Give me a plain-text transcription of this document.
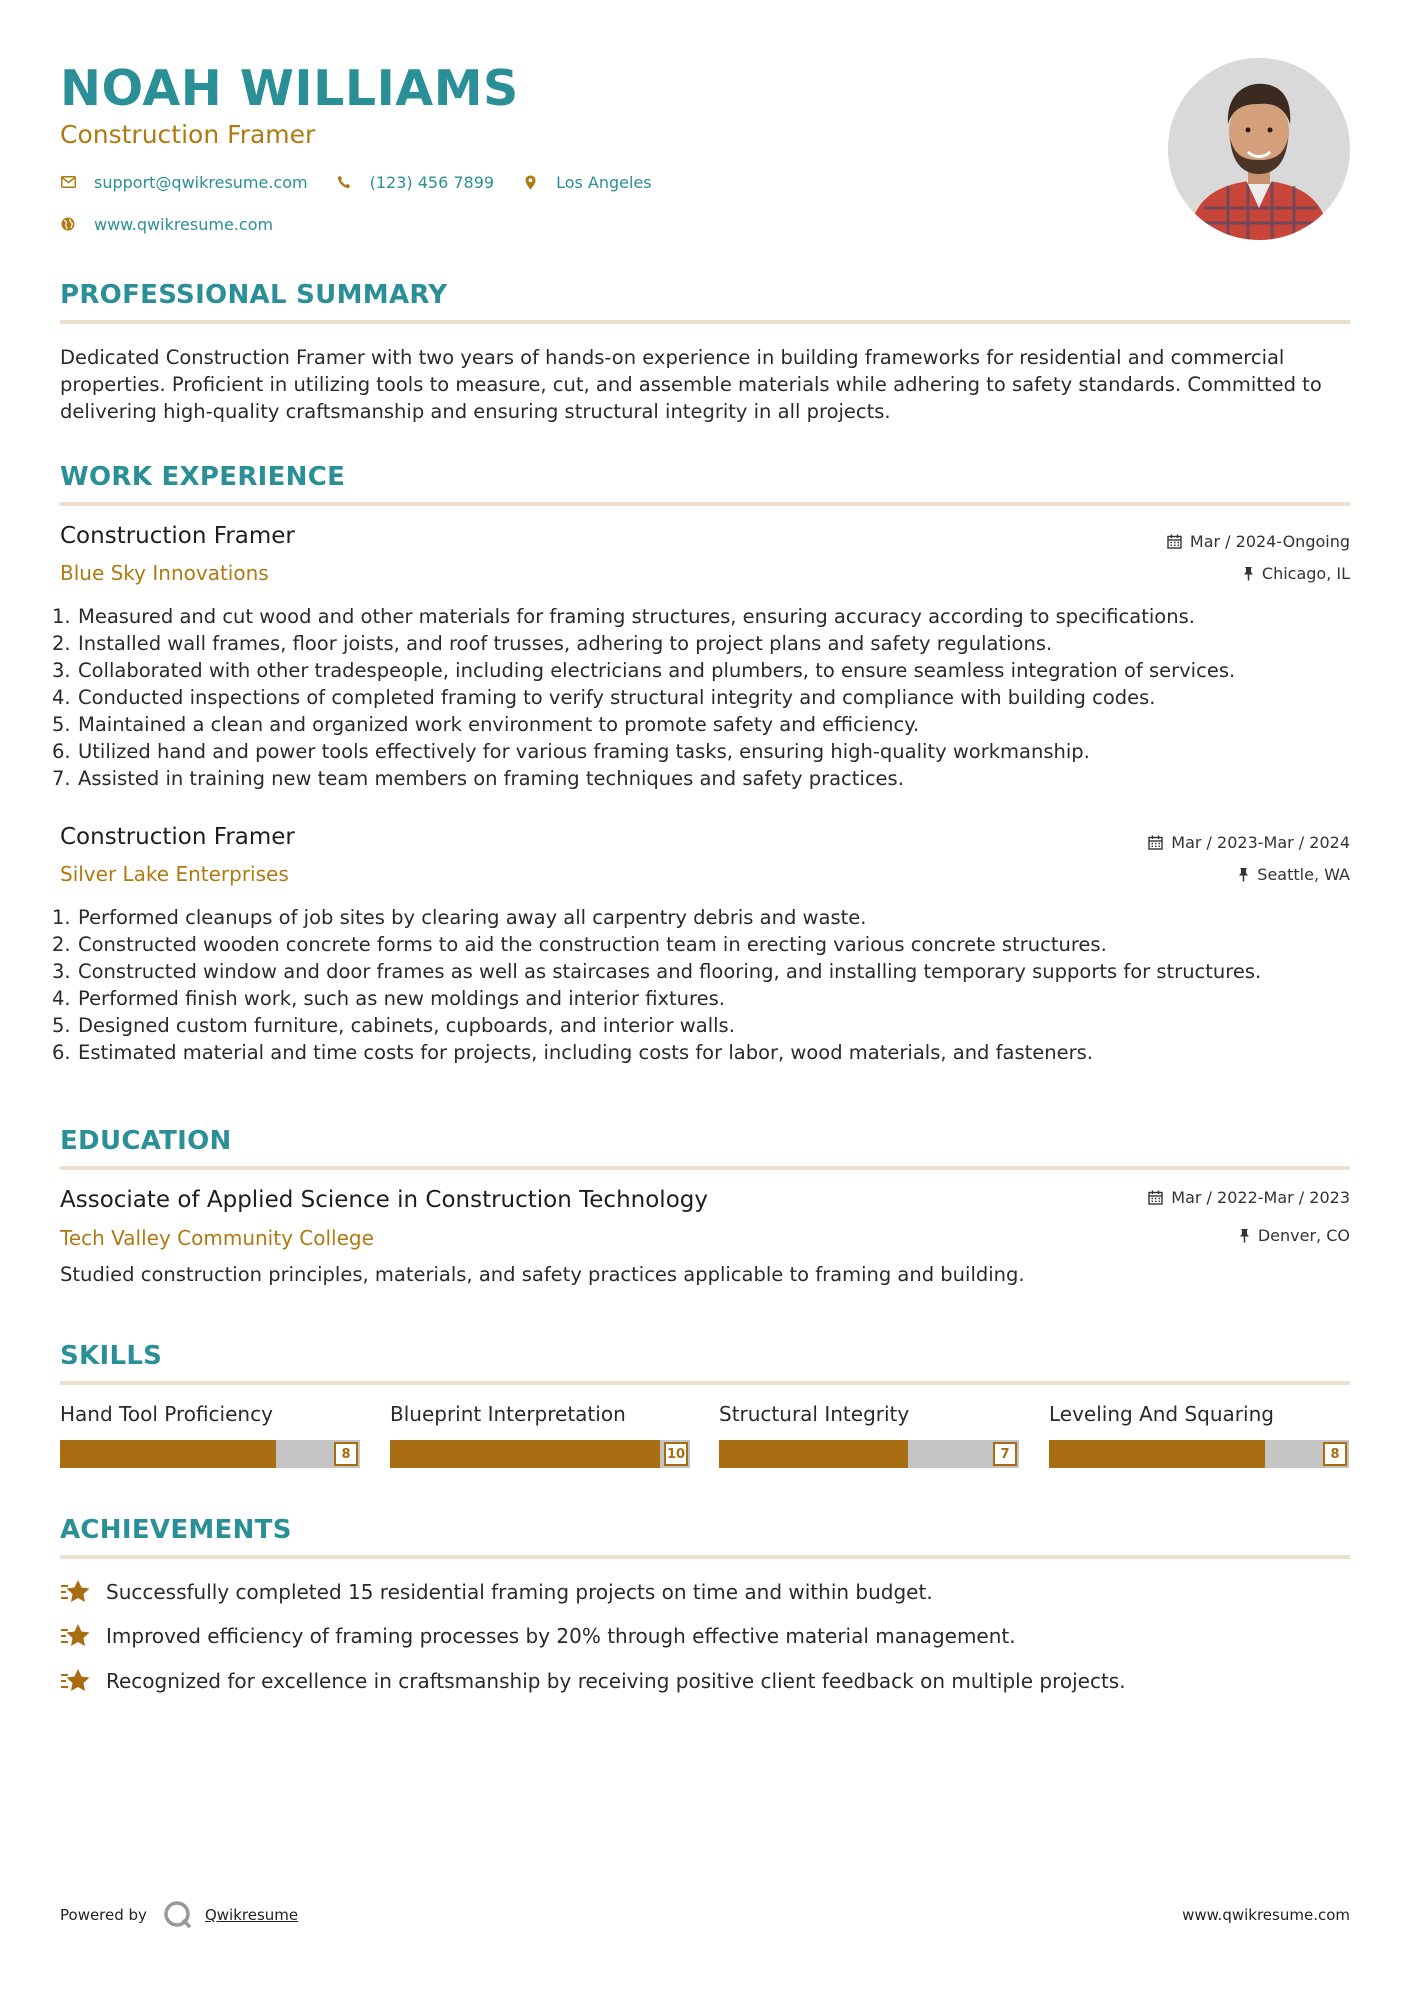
NOAH WILLIAMS
Construction Framer
support@qwikresume.com	(123) 456 7899	Los Angeles
www.qwikresume.com
PROFESSIONAL SUMMARY
Dedicated Construction Framer with two years of hands-on experience in building frameworks for residential and commercial properties. Proficient in utilizing tools to measure, cut, and assemble materials while adhering to safety standards. Committed to delivering high-quality craftsmanship and ensuring structural integrity in all projects.
WORK EXPERIENCE
Construction Framer
Blue Sky Innovations
Mar / 2024-Ongoing
Chicago, IL
1. Measured and cut wood and other materials for framing structures, ensuring accuracy according to specifications.
2. Installed wall frames, floor joists, and roof trusses, adhering to project plans and safety regulations.
3. Collaborated with other tradespeople, including electricians and plumbers, to ensure seamless integration of services.
4. Conducted inspections of completed framing to verify structural integrity and compliance with building codes.
5. Maintained a clean and organized work environment to promote safety and efficiency.
6. Utilized hand and power tools effectively for various framing tasks, ensuring high-quality workmanship.
7. Assisted in training new team members on framing techniques and safety practices.
Construction Framer
Silver Lake Enterprises
Mar / 2023-Mar / 2024
Seattle, WA
1. Performed cleanups of job sites by clearing away all carpentry debris and waste.
2. Constructed wooden concrete forms to aid the construction team in erecting various concrete structures.
3. Constructed window and door frames as well as staircases and flooring, and installing temporary supports for structures.
4. Performed finish work, such as new moldings and interior fixtures.
5. Designed custom furniture, cabinets, cupboards, and interior walls.
6. Estimated material and time costs for projects, including costs for labor, wood materials, and fasteners.
EDUCATION
Associate of Applied Science in Construction Technology
Tech Valley Community College
Mar / 2022-Mar / 2023
Denver, CO
Studied construction principles, materials, and safety practices applicable to framing and building.
SKILLS
Hand Tool Proficiency
8
Blueprint Interpretation
10
Structural Integrity
7
Leveling And Squaring
8
ACHIEVEMENTS
Successfully completed 15 residential framing projects on time and within budget.
Improved efficiency of framing processes by 20% through effective material management.
Recognized for excellence in craftsmanship by receiving positive client feedback on multiple projects.
Powered by	Qwikresume	www.qwikresume.com
